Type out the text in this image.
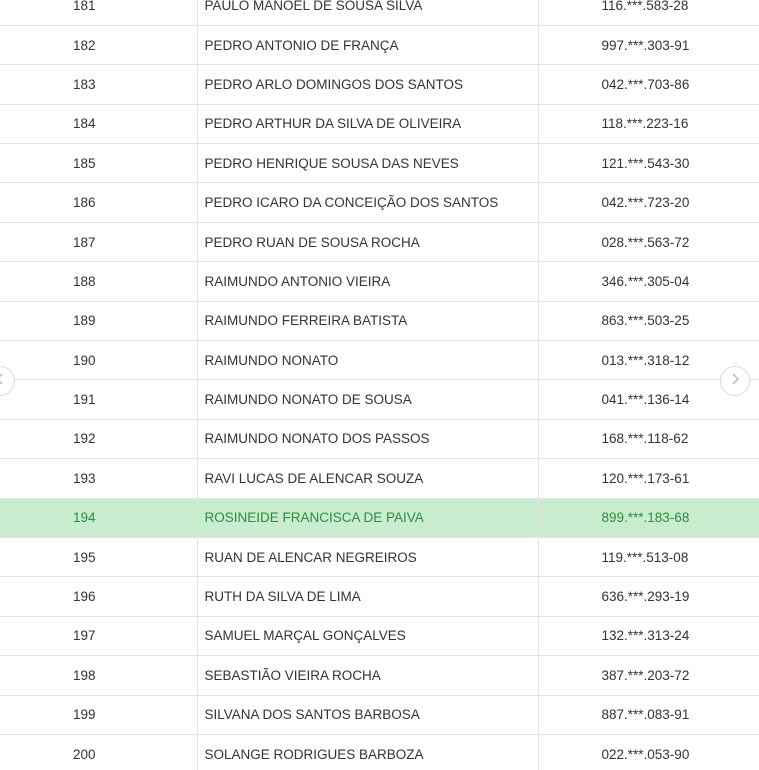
181	PAULO MANOEL DE SOUSA SILVA	116.***.583-28
182	PEDRO ANTONIO DE FRANÇA	997.***.303-91
183	PEDRO ARLO DOMINGOS DOS SANTOS	042.***.703-86
184	PEDRO ARTHUR DA SILVA DE OLIVEIRA	118.***.223-16
185	PEDRO HENRIQUE SOUSA DAS NEVES	121.***.543-30
186	PEDRO ICARO DA CONCEIÇÃO DOS SANTOS	042.***.723-20
187	PEDRO RUAN DE SOUSA ROCHA	028.***.563-72
188	RAIMUNDO ANTONIO VIEIRA	346.***.305-04
189	RAIMUNDO FERREIRA BATISTA	863.***.503-25
190	RAIMUNDO NONATO	013.***.318-12
191	RAIMUNDO NONATO DE SOUSA	041.***.136-14
192	RAIMUNDO NONATO DOS PASSOS	168.***.118-62
193	RAVI LUCAS DE ALENCAR SOUZA	120.***.173-61
194	ROSINEIDE FRANCISCA DE PAIVA	899.***.183-68
195	RUAN DE ALENCAR NEGREIROS	119.***.513-08
196	RUTH DA SILVA DE LIMA	636.***.293-19
197	SAMUEL MARÇAL GONÇALVES	132.***.313-24
198	SEBASTIÃO VIEIRA ROCHA	387.***.203-72
199	SILVANA DOS SANTOS BARBOSA	887.***.083-91
200	SOLANGE RODRIGUES BARBOZA	022.***.053-90
